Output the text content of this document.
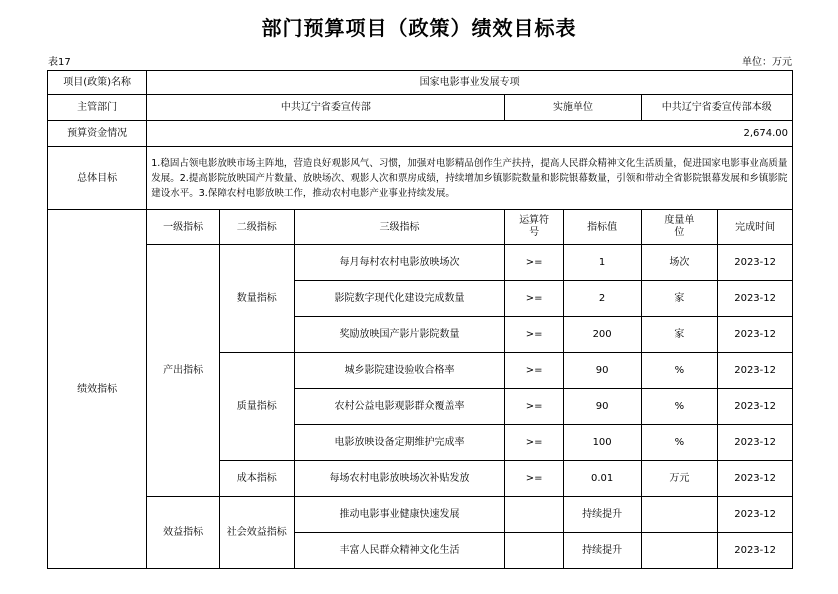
部门预算项目（政策）绩效目标表
表17	单位：万元
项目(政策)名称	国家电影事业发展专项						
主管部门	中共辽宁省委宣传部			实施单位		中共辽宁省委宣传部本级	
预算资金情况	2,674.00						
总体目标	1.稳固占领电影放映市场主阵地，营造良好观影风气、习惯，加强对电影精品创作生产扶持，提高人民群众精神文化生活质量，促进国家电影事业高质量发展。2.提高影院放映国产片数量、放映场次、观影人次和票房成绩，持续增加乡镇影院数量和影院银幕数量，引领和带动全省影院银幕发展和乡镇影院建设水平。3.保障农村电影放映工作，推动农村电影产业事业持续发展。						
绩效指标	一级指标	二级指标	三级指标	运算符号	指标值	度量单位	完成时间
	产出指标	数量指标	每月每村农村电影放映场次	>=	1	场次	2023-12
			影院数字现代化建设完成数量	>=	2	家	2023-12
			奖励放映国产影片影院数量	>=	200	家	2023-12
		质量指标	城乡影院建设验收合格率	>=	90	%	2023-12
			农村公益电影观影群众覆盖率	>=	90	%	2023-12
			电影放映设备定期维护完成率	>=	100	%	2023-12
		成本指标	每场农村电影放映场次补贴发放	>=	0.01	万元	2023-12
	效益指标	社会效益指标	推动电影事业健康快速发展		持续提升		2023-12
			丰富人民群众精神文化生活		持续提升		2023-12
